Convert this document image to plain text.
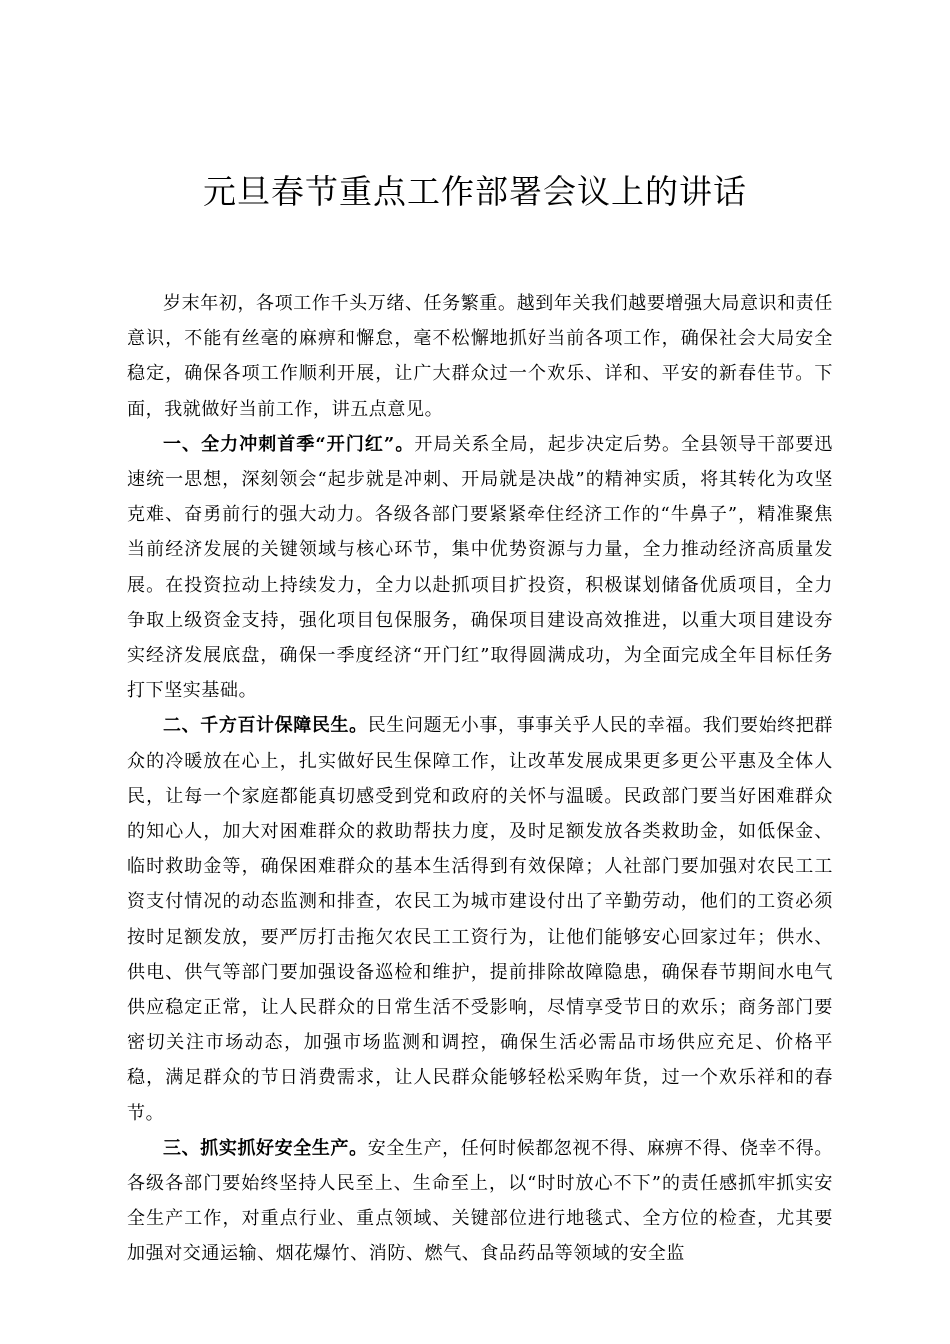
元旦春节重点工作部署会议上的讲话

岁末年初，各项工作千头万绪、任务繁重。越到年关我们越要增强大局意识和责任意识，不能有丝毫的麻痹和懈怠，毫不松懈地抓好当前各项工作，确保社会大局安全稳定，确保各项工作顺利开展，让广大群众过一个欢乐、详和、平安的新春佳节。下面，我就做好当前工作，讲五点意见。

一、全力冲刺首季“开门红”。开局关系全局，起步决定后势。全县领导干部要迅速统一思想，深刻领会“起步就是冲刺、开局就是决战”的精神实质，将其转化为攻坚克难、奋勇前行的强大动力。各级各部门要紧紧牵住经济工作的“牛鼻子”，精准聚焦当前经济发展的关键领域与核心环节，集中优势资源与力量，全力推动经济高质量发展。在投资拉动上持续发力，全力以赴抓项目扩投资，积极谋划储备优质项目，全力争取上级资金支持，强化项目包保服务，确保项目建设高效推进，以重大项目建设夯实经济发展底盘，确保一季度经济“开门红”取得圆满成功，为全面完成全年目标任务打下坚实基础。

二、千方百计保障民生。民生问题无小事，事事关乎人民的幸福。我们要始终把群众的冷暖放在心上，扎实做好民生保障工作，让改革发展成果更多更公平惠及全体人民，让每一个家庭都能真切感受到党和政府的关怀与温暖。民政部门要当好困难群众的知心人，加大对困难群众的救助帮扶力度，及时足额发放各类救助金，如低保金、临时救助金等，确保困难群众的基本生活得到有效保障；人社部门要加强对农民工工资支付情况的动态监测和排查，农民工为城市建设付出了辛勤劳动，他们的工资必须按时足额发放，要严厉打击拖欠农民工工资行为，让他们能够安心回家过年；供水、供电、供气等部门要加强设备巡检和维护，提前排除故障隐患，确保春节期间水电气供应稳定正常，让人民群众的日常生活不受影响，尽情享受节日的欢乐；商务部门要密切关注市场动态，加强市场监测和调控，确保生活必需品市场供应充足、价格平稳，满足群众的节日消费需求，让人民群众能够轻松采购年货，过一个欢乐祥和的春节。

三、抓实抓好安全生产。安全生产，任何时候都忽视不得、麻痹不得、侥幸不得。各级各部门要始终坚持人民至上、生命至上，以“时时放心不下”的责任感抓牢抓实安全生产工作，对重点行业、重点领域、关键部位进行地毯式、全方位的检查，尤其要加强对交通运输、烟花爆竹、消防、燃气、食品药品等领域的安全监
